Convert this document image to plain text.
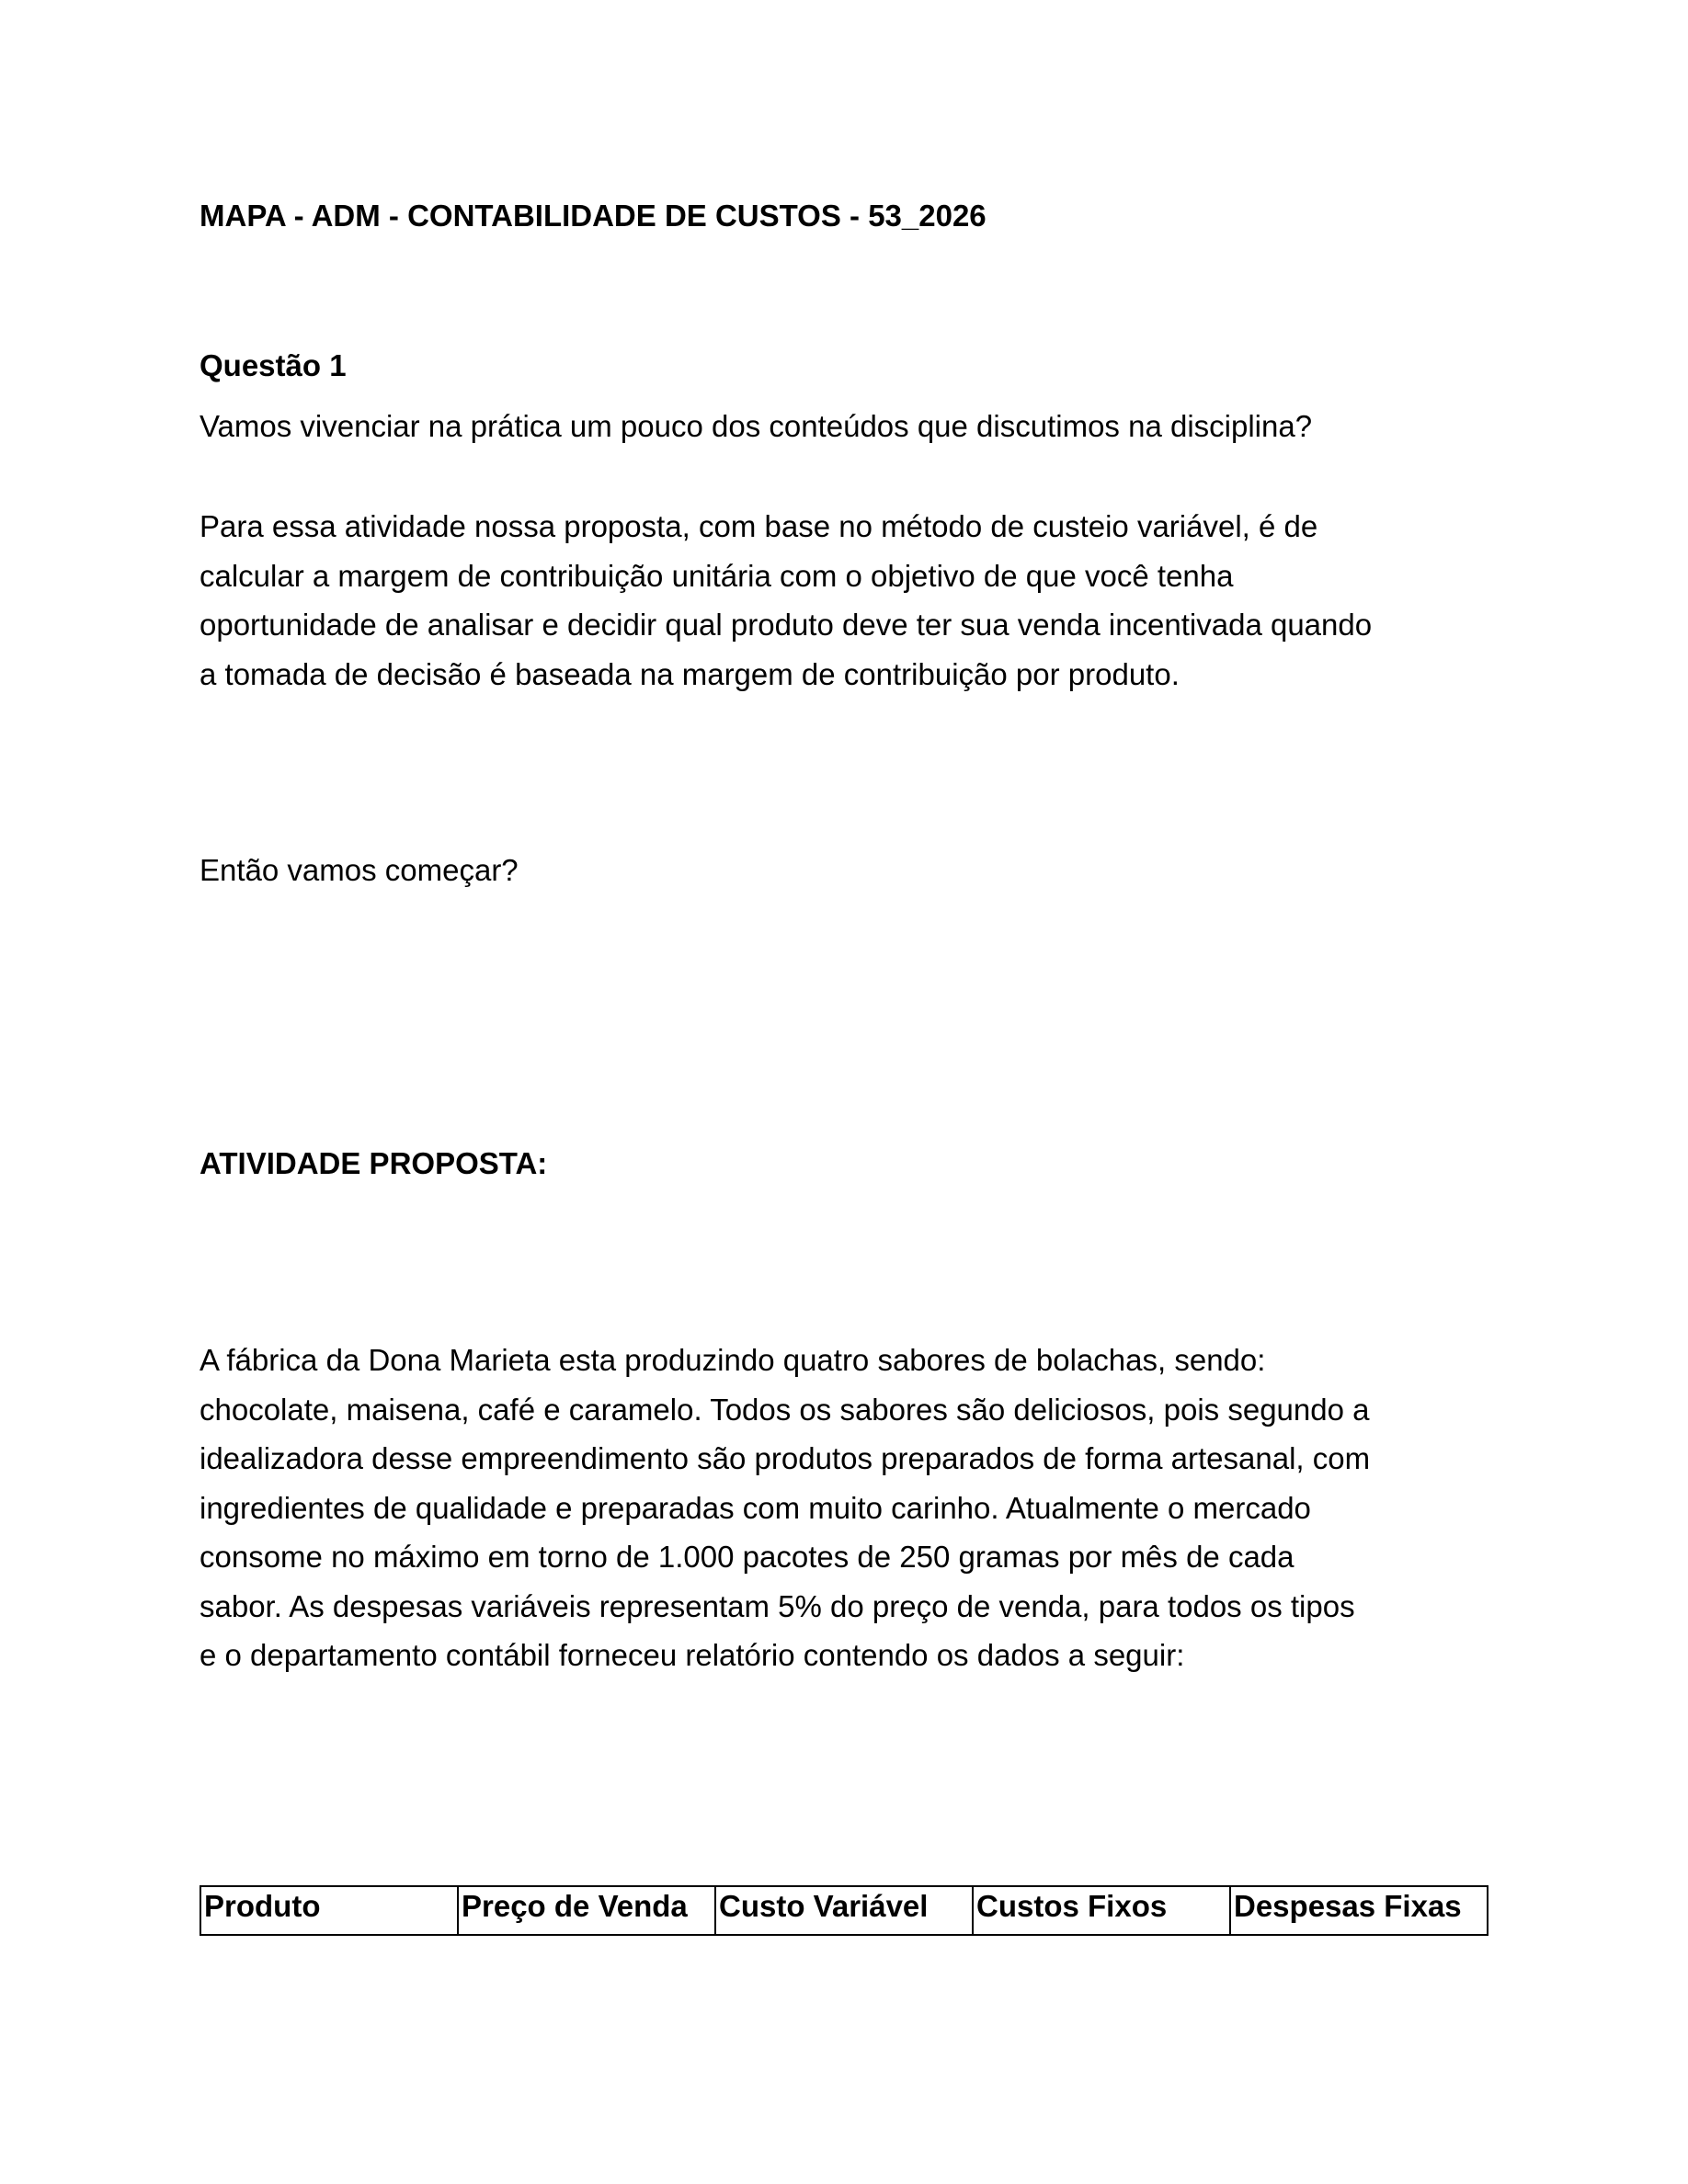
MAPA - ADM - CONTABILIDADE DE CUSTOS - 53_2026
Questão 1

Vamos vivenciar na prática um pouco dos conteúdos que discutimos na disciplina?

Para essa atividade nossa proposta, com base no método de custeio variável, é de
calcular a margem de contribuição unitária com o objetivo de que você tenha
oportunidade de analisar e decidir qual produto deve ter sua venda incentivada quando
a tomada de decisão é baseada na margem de contribuição por produto.

Então vamos começar?

ATIVIDADE PROPOSTA:
A fábrica da Dona Marieta esta produzindo quatro sabores de bolachas, sendo:
chocolate, maisena, café e caramelo. Todos os sabores são deliciosos, pois segundo a
idealizadora desse empreendimento são produtos preparados de forma artesanal, com
ingredientes de qualidade e preparadas com muito carinho. Atualmente o mercado
consome no máximo em torno de 1.000 pacotes de 250 gramas por mês de cada
sabor. As despesas variáveis representam 5% do preço de venda, para todos os tipos
e o departamento contábil forneceu relatório contendo os dados a seguir:
Produto	Preço de Venda	Custo Variável	Custos Fixos	Despesas Fixas
